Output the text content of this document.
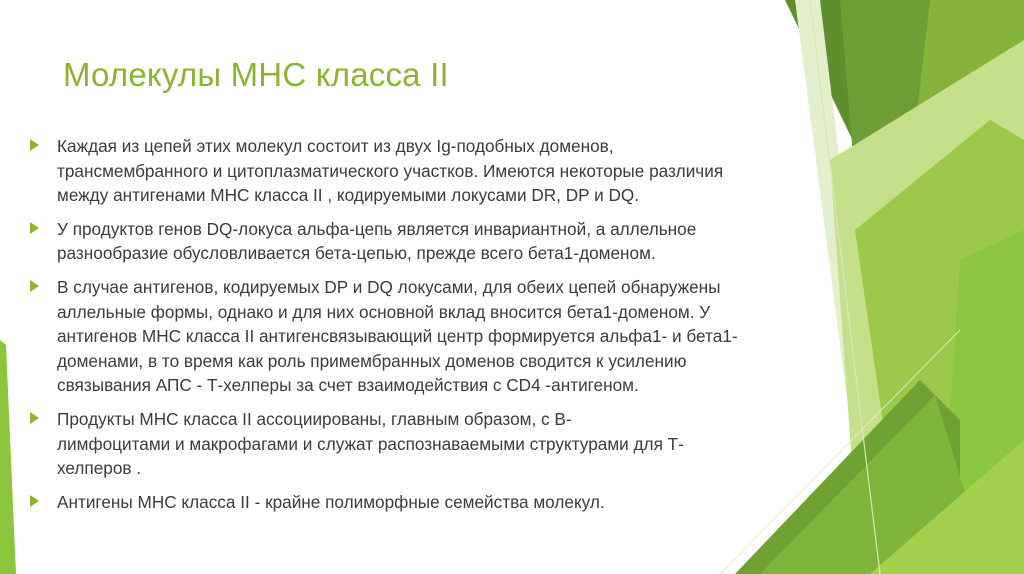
Молекулы МНС класса II
Каждая из цепей этих молекул состоит из двух Ig-подобных доменов,
трансмембранного и цитоплазматического участков. Имеются некоторые различия
между антигенами МНС класса II , кодируемыми локусами DR, DP и DQ.
У продуктов генов DQ-локуса альфа-цепь является инвариантной, а аллельное
разнообразие обусловливается бета-цепью, прежде всего бета1-доменом.
В случае антигенов, кодируемых DP и DQ локусами, для обеих цепей обнаружены
аллельные формы, однако и для них основной вклад вносится бета1-доменом. У
антигенов МНС класса II антигенсвязывающий центр формируется альфа1- и бета1-
доменами, в то время как роль примембранных доменов сводится к усилению
связывания АПС - Т-хелперы за счет взаимодействия с CD4 -антигеном.
Продукты МНС класса II ассоциированы, главным образом, с В-
лимфоцитами и макрофагами и служат распознаваемыми структурами для Т-
хелперов .
Антигены МНС класса II - крайне полиморфные семейства молекул.
